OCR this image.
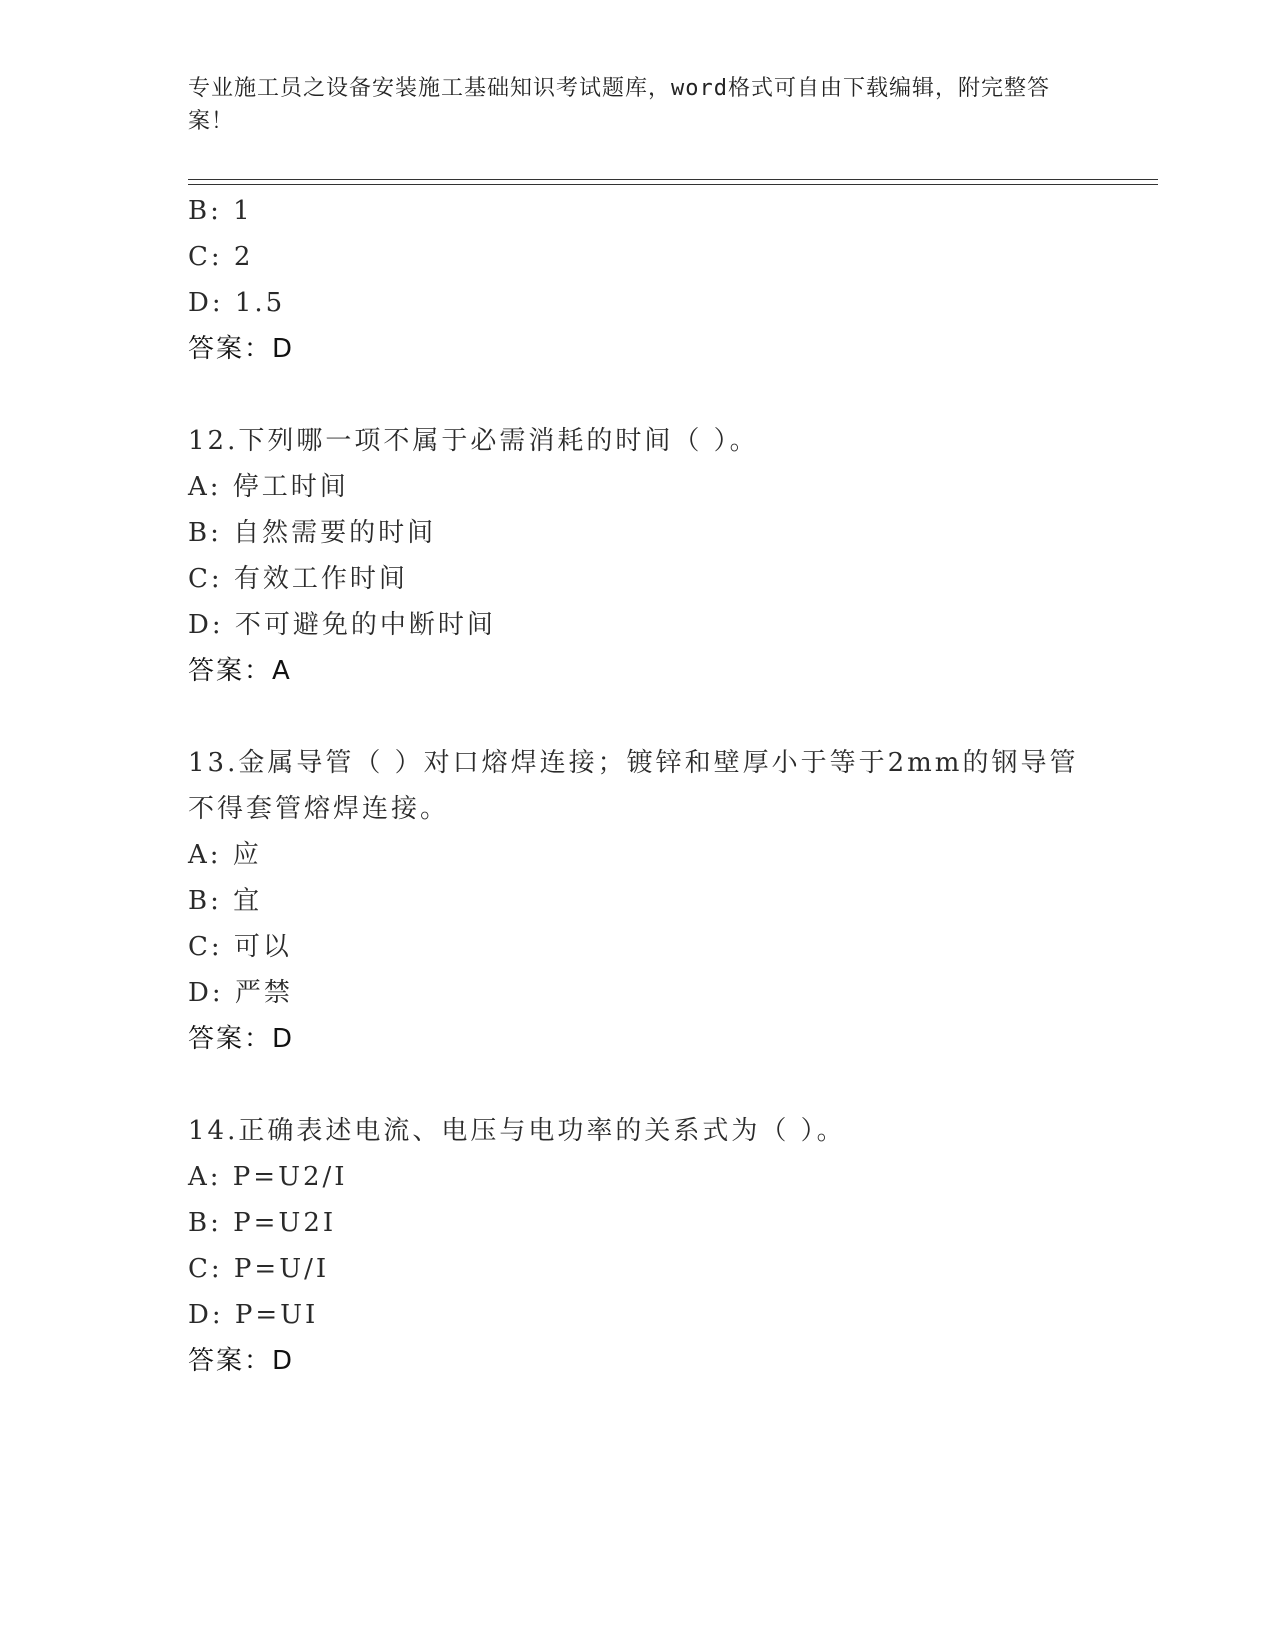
专业施工员之设备安装施工基础知识考试题库，word格式可自由下载编辑，附完整答案！
B: 1
C: 2
D: 1.5
答案：D
12.下列哪一项不属于必需消耗的时间（ ）。
A: 停工时间
B: 自然需要的时间
C: 有效工作时间
D: 不可避免的中断时间
答案：A
13.金属导管（ ）对口熔焊连接；镀锌和壁厚小于等于2mm的钢导管
不得套管熔焊连接。
A: 应
B: 宜
C: 可以
D: 严禁
答案：D
14.正确表述电流、电压与电功率的关系式为（ ）。
A: P=U2/I
B: P=U2I
C: P=U/I
D: P=UI
答案：D
